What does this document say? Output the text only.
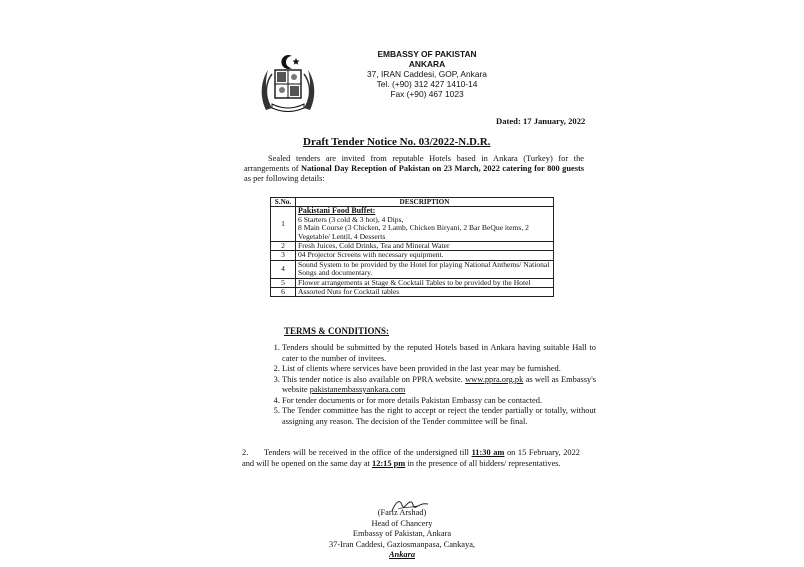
EMBASSY OF PAKISTAN
ANKARA
37, IRAN Caddesi, GOP, Ankara
Tel. (+90) 312 427 1410-14
Fax (+90) 467 1023
Dated: 17 January, 2022
Draft Tender Notice No. 03/2022-N.D.R.

Sealed tenders are invited from reputable Hotels based in Ankara (Turkey) for the arrangements of National Day Reception of Pakistan on 23 March, 2022 catering for 800 guests as per following details:

S.No.	DESCRIPTION
1	Pakistani Food Buffet:
6 Starters (3 cold & 3 hot), 4 Dips,
8 Main Course (3 Chicken, 2 Lamb, Chicken Biryani, 2 Bar BeQue items, 2 Vegetable/ Lentil, 4 Desserts

2	Fresh Juices, Cold Drinks, Tea and Mineral Water
3	04 Projector Screens with necessary equipment.
4	Sound System to be provided by the Hotel for playing National Anthems/ National Songs and documentary.
5	Flower arrangements at Stage & Cocktail Tables to be provided by the Hotel
6	Assorted Nuts for Cocktail tables
TERMS & CONDITIONS:
1. Tenders should be submitted by the reputed Hotels based in Ankara having suitable Hall to cater to the number of invitees.
2. List of clients where services have been provided in the last year may be furnished.
3. This tender notice is also available on PPRA website. www.ppra.org.pk as well as Embassy's website pakistanembassyankara.com
4. For tender documents or for more details Pakistan Embassy can be contacted.
5. The Tender committee has the right to accept or reject the tender partially or totally, without assigning any reason. The decision of the Tender committee will be final.
2. Tenders will be received in the office of the undersigned till 11:30 am on 15 February, 2022 and will be opened on the same day at 12:15 pm in the presence of all bidders/ representatives.
(Fariz Arshad)
Head of Chancery
Embassy of Pakistan, Ankara
37-Iran Caddesi, Gaziosmanpasa, Cankaya,
Ankara
